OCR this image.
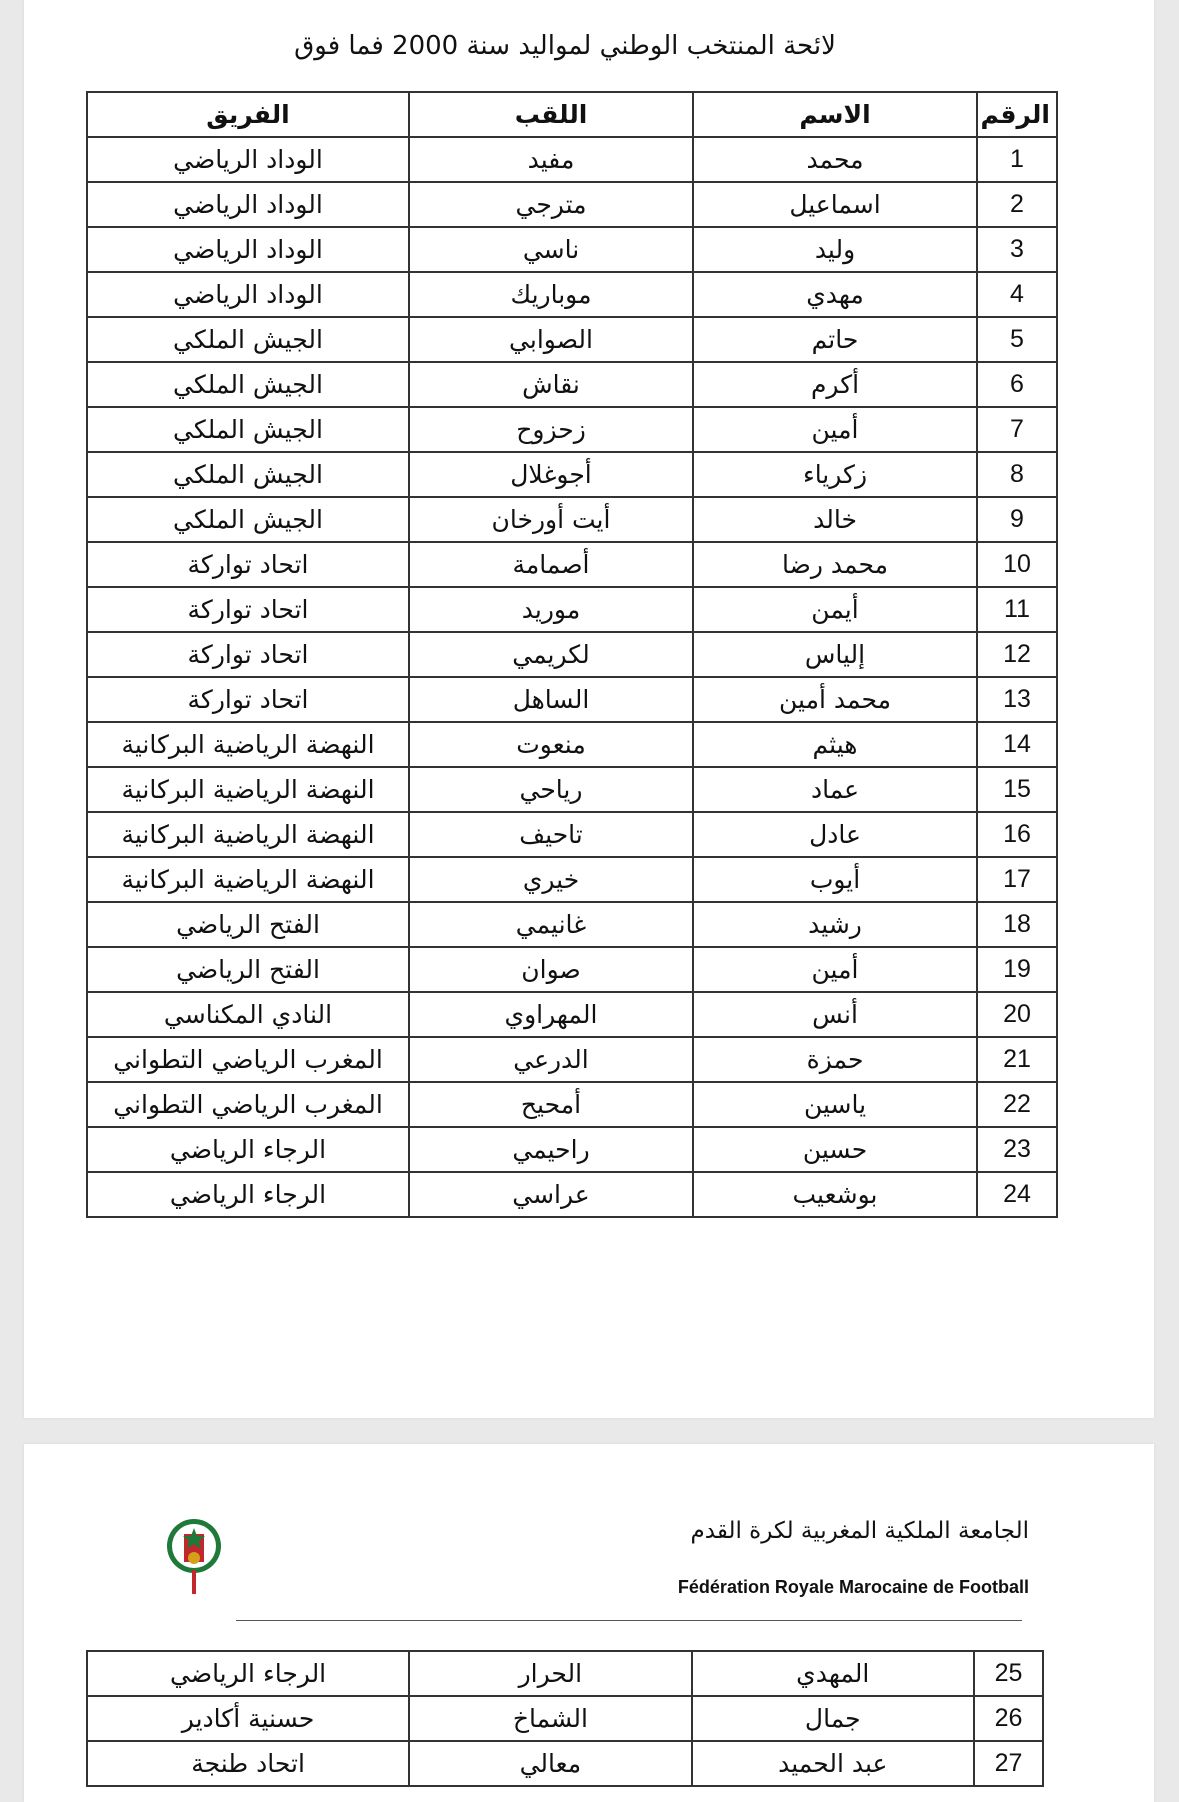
لائحة المنتخب الوطني لمواليد سنة 2000 فما فوق
الرقم	الاسم	اللقب	الفريق
1	محمد	مفيد	الوداد الرياضي
2	اسماعيل	مترجي	الوداد الرياضي
3	وليد	ناسي	الوداد الرياضي
4	مهدي	موباريك	الوداد الرياضي
5	حاتم	الصوابي	الجيش الملكي
6	أكرم	نقاش	الجيش الملكي
7	أمين	زحزوح	الجيش الملكي
8	زكرياء	أجوغلال	الجيش الملكي
9	خالد	أيت أورخان	الجيش الملكي
10	محمد رضا	أصمامة	اتحاد تواركة
11	أيمن	موريد	اتحاد تواركة
12	إلياس	لكريمي	اتحاد تواركة
13	محمد أمين	الساهل	اتحاد تواركة
14	هيثم	منعوت	النهضة الرياضية البركانية
15	عماد	رياحي	النهضة الرياضية البركانية
16	عادل	تاحيف	النهضة الرياضية البركانية
17	أيوب	خيري	النهضة الرياضية البركانية
18	رشيد	غانيمي	الفتح الرياضي
19	أمين	صوان	الفتح الرياضي
20	أنس	المهراوي	النادي المكناسي
21	حمزة	الدرعي	المغرب الرياضي التطواني
22	ياسين	أمحيح	المغرب الرياضي التطواني
23	حسين	راحيمي	الرجاء الرياضي
24	بوشعيب	عراسي	الرجاء الرياضي
الجامعة الملكية المغربية لكرة القدم
Fédération Royale Marocaine de Football
25	المهدي	الحرار	الرجاء الرياضي
26	جمال	الشماخ	حسنية أكادير
27	عبد الحميد	معالي	اتحاد طنجة
